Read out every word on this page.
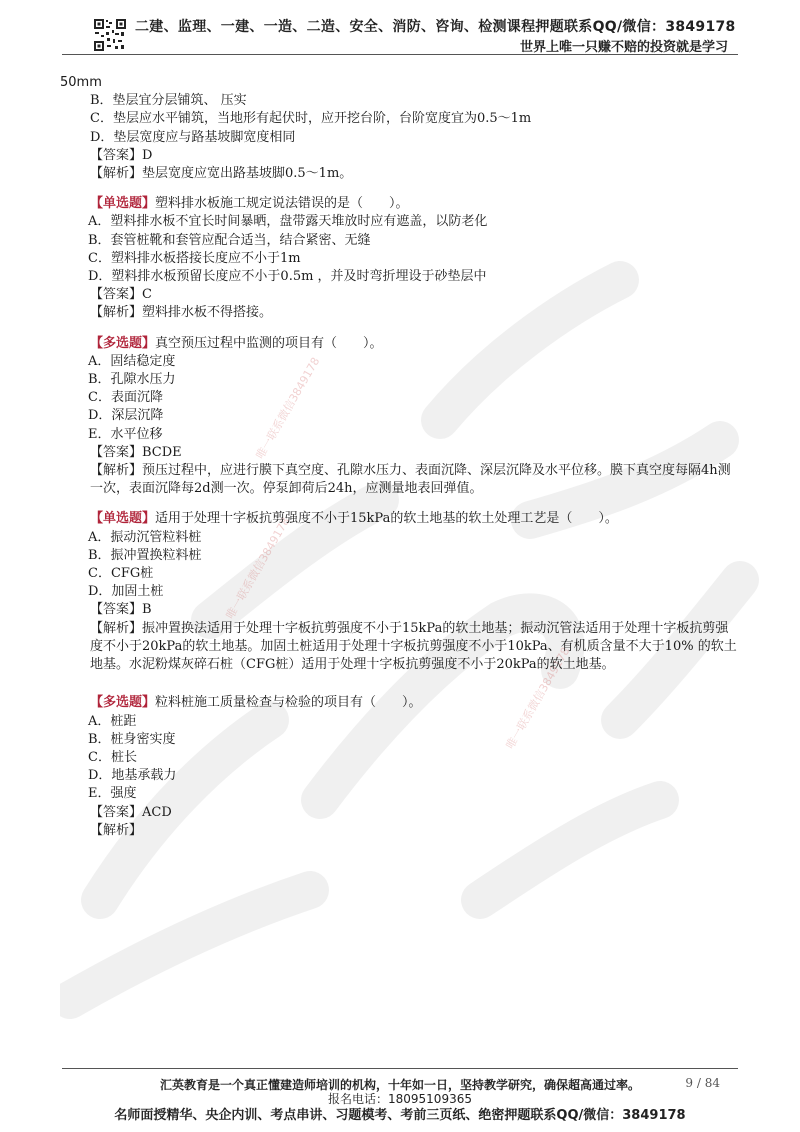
二建、监理、一建、一造、二造、安全、消防、咨询、检测课程押题联系QQ/微信：3849178
世界上唯一只赚不赔的投资就是学习
唯一联系微信3849178
唯一联系微信3849178
唯一联系微信3849178
50mm
B．垫层宜分层铺筑、 压实
C．垫层应水平铺筑，当地形有起伏时，应开挖台阶，台阶宽度宜为0.5～1m
D．垫层宽度应与路基坡脚宽度相同
【答案】D
【解析】垫层宽度应宽出路基坡脚0.5～1m。
【单选题】塑料排水板施工规定说法错误的是（　　）。
A．塑料排水板不宜长时间暴晒，盘带露天堆放时应有遮盖，以防老化
B．套管桩靴和套管应配合适当，结合紧密、无缝
C．塑料排水板搭接长度应不小于1m
D．塑料排水板预留长度应不小于0.5m ，并及时弯折埋设于砂垫层中
【答案】C
【解析】塑料排水板不得搭接。
【多选题】真空预压过程中监测的项目有（　　）。
A．固结稳定度
B．孔隙水压力
C．表面沉降
D．深层沉降
E．水平位移
【答案】BCDE
【解析】预压过程中，应进行膜下真空度、孔隙水压力、表面沉降、深层沉降及水平位移。膜下真空度每隔4h测一次，表面沉降每2d测一次。停泵卸荷后24h，应测量地表回弹值。
【单选题】适用于处理十字板抗剪强度不小于15kPa的软土地基的软土处理工艺是（　　）。
A．振动沉管粒料桩
B．振冲置换粒料桩
C．CFG桩
D．加固土桩
【答案】B
【解析】振冲置换法适用于处理十字板抗剪强度不小于15kPa的软土地基；振动沉管法适用于处理十字板抗剪强度不小于20kPa的软土地基。加固土桩适用于处理十字板抗剪强度不小于10kPa、有机质含量不大于10% 的软土地基。水泥粉煤灰碎石桩（CFG桩）适用于处理十字板抗剪强度不小于20kPa的软土地基。
【多选题】粒料桩施工质量检查与检验的项目有（　　）。
A．桩距
B．桩身密实度
C．桩长
D．地基承载力
E．强度
【答案】ACD
【解析】
汇英教育是一个真正懂建造师培训的机构，十年如一日，坚持教学研究，确保超高通过率。	9 / 84
报名电话：18095109365
名师面授精华、央企内训、考点串讲、习题模考、考前三页纸、绝密押题联系QQ/微信：3849178
